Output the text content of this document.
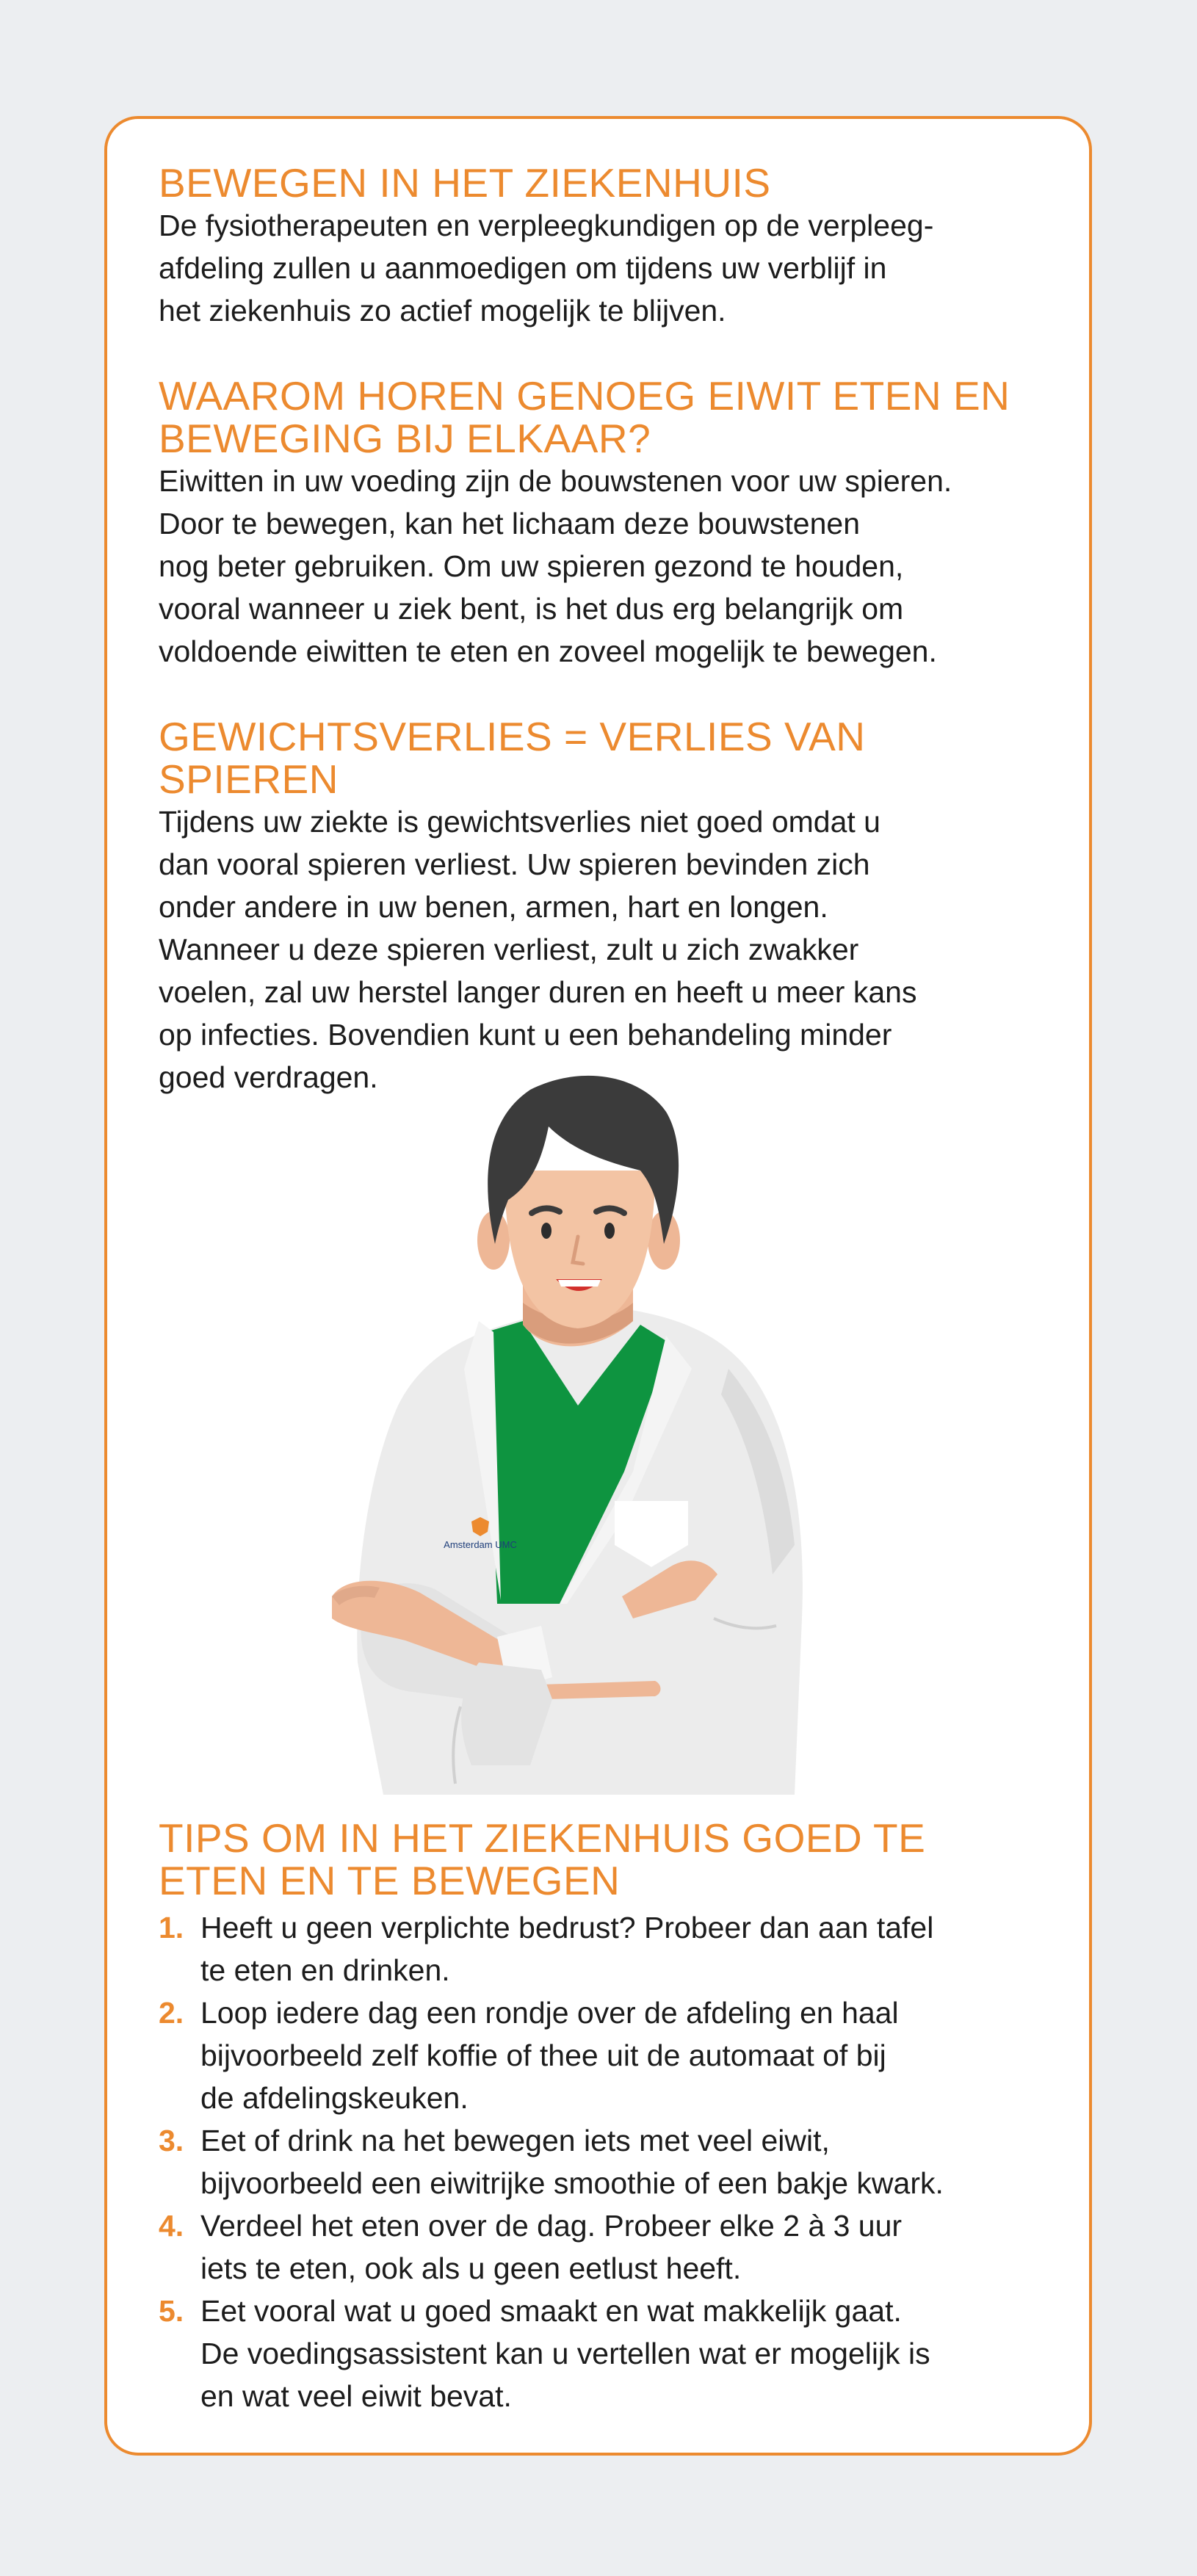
BEWEGEN IN HET ZIEKENHUIS
De fysiotherapeuten en verpleegkundigen op de verpleeg-
afdeling zullen u aanmoedigen om tijdens uw verblijf in
het ziekenhuis zo actief mogelijk te blijven.
WAAROM HOREN GENOEG EIWIT ETEN EN
BEWEGING BIJ ELKAAR?
Eiwitten in uw voeding zijn de bouwstenen voor uw spieren.
Door te bewegen, kan het lichaam deze bouwstenen
nog beter gebruiken. Om uw spieren gezond te houden,
vooral wanneer u ziek bent, is het dus erg belangrijk om
voldoende eiwitten te eten en zoveel mogelijk te bewegen.
GEWICHTSVERLIES = VERLIES VAN SPIEREN
Tijdens uw ziekte is gewichtsverlies niet goed omdat u
dan vooral spieren verliest. Uw spieren bevinden zich
onder andere in uw benen, armen, hart en longen.
Wanneer u deze spieren verliest, zult u zich zwakker
voelen, zal uw herstel langer duren en heeft u meer kans
op infecties. Bovendien kunt u een behandeling minder
goed verdragen.
Amsterdam UMC
TIPS OM IN HET ZIEKENHUIS GOED TE
ETEN EN TE BEWEGEN
1. Heeft u geen verplichte bedrust? Probeer dan aan tafel
te eten en drinken.
2. Loop iedere dag een rondje over de afdeling en haal
bijvoorbeeld zelf koffie of thee uit de automaat of bij
de afdelingskeuken.
3. Eet of drink na het bewegen iets met veel eiwit,
bijvoorbeeld een eiwitrijke smoothie of een bakje kwark.
4. Verdeel het eten over de dag. Probeer elke 2 à 3 uur
iets te eten, ook als u geen eetlust heeft.
5. Eet vooral wat u goed smaakt en wat makkelijk gaat.
De voedingsassistent kan u vertellen wat er mogelijk is
en wat veel eiwit bevat.
